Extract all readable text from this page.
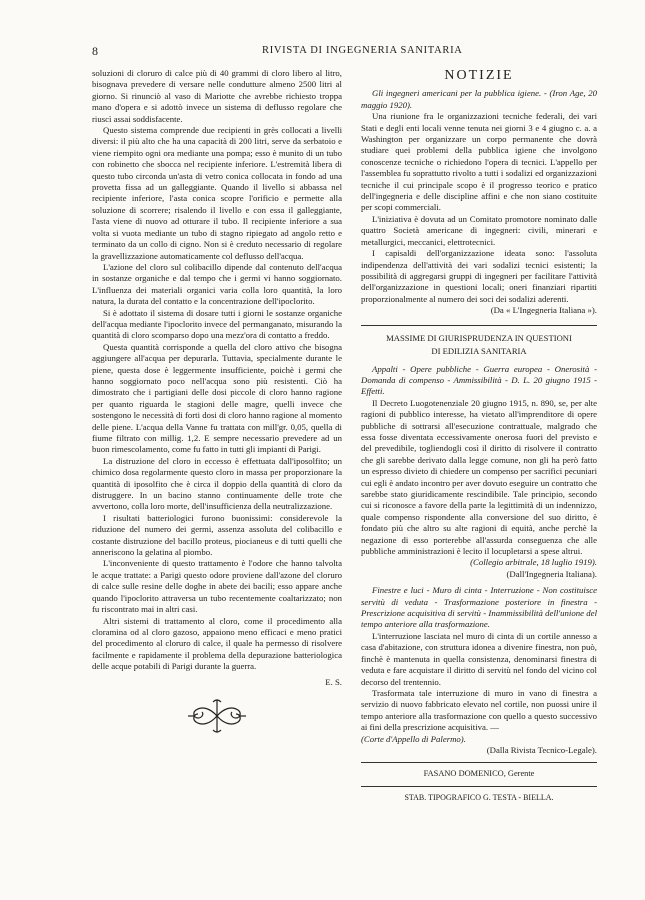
8	RIVISTA DI INGEGNERIA SANITARIA

soluzioni di cloruro di calce più di 40 grammi di cloro libero al litro, bisognava prevedere di versare nelle condutture almeno 2500 litri al giorno. Si rinunciò al vaso di Mariotte che avrebbe richiesto troppa mano d'opera e si adottò invece un sistema di deflusso regolare che riuscì assai soddisfacente.

Questo sistema comprende due recipienti in grès collocati a livelli diversi: il più alto che ha una capacità di 200 litri, serve da serbatoio e viene riempito ogni ora mediante una pompa; esso è munito di un tubo con robinetto che sbocca nel recipiente inferiore. L'estremità libera di questo tubo circonda un'asta di vetro conica collocata in fondo ad una provetta fissa ad un galleggiante. Quando il livello si abbassa nel recipiente inferiore, l'asta conica scopre l'orificio e permette alla soluzione di scorrere; risalendo il livello e con essa il galleggiante, l'asta viene di nuovo ad otturare il tubo. Il recipiente inferiore a sua volta si vuota mediante un tubo di stagno ripiegato ad angolo retto e terminato da un collo di cigno. Non si è creduto necessario di regolare la gravellizzazione automaticamente col deflusso dell'acqua.

L'azione del cloro sul colibacillo dipende dal contenuto dell'acqua in sostanze organiche e dal tempo che i germi vi hanno soggiornato. L'influenza dei materiali organici varia colla loro quantità, la loro natura, la durata del contatto e la concentrazione dell'ipoclorito.

Si è adottato il sistema di dosare tutti i giorni le sostanze organiche dell'acqua mediante l'ipoclorito invece del permanganato, misurando la quantità di cloro scomparso dopo una mezz'ora di contatto a freddo.

Questa quantità corrisponde a quella del cloro attivo che bisogna aggiungere all'acqua per depurarla. Tuttavia, specialmente durante le piene, questa dose è leggermente insufficiente, poichè i germi che hanno soggiornato poco nell'acqua sono più resistenti. Ciò ha dimostrato che i partigiani delle dosi piccole di cloro hanno ragione per quanto riguarda le stagioni delle magre, quelli invece che sostengono le necessità di forti dosi di cloro hanno ragione al momento delle piene. L'acqua della Vanne fu trattata con mill'gr. 0,05, quella di fiume filtrato con millig. 1,2. E sempre necessario prevedere ad un buon rimescolamento, come fu fatto in tutti gli impianti di Parigi.

La distruzione del cloro in eccesso è effettuata dall'iposolfito; un chimico dosa regolarmente questo cloro in massa per proporzionare la quantità di iposolfito che è circa il doppio della quantità di cloro da distruggere. In un bacino stanno continuamente delle trote che avvertono, colla loro morte, dell'insufficienza della neutralizzazione.

I risultati batteriologici furono buonissimi: considerevole la riduzione del numero dei germi, assenza assoluta del colibacillo e costante distruzione del bacillo proteus, piocianeus e di tutti quelli che anneriscono la gelatina al piombo.

L'inconveniente di questo trattamento è l'odore che hanno talvolta le acque trattate: a Parigi questo odore proviene dall'azone del cloruro di calce sulle resine delle doghe in abete dei bacili; esso appare anche quando l'ipoclorito attraversa un tubo recentemente coaltarizzato; non fu riscontrato mai in altri casi.

Altri sistemi di trattamento al cloro, come il procedimento alla cloramina od al cloro gazoso, appaiono meno efficaci e meno pratici del procedimento al cloruro di calce, il quale ha permesso di risolvere facilmente e rapidamente il problema della depurazione batteriologica delle acque potabili di Parigi durante la guerra.

E. S.
NOTIZIE

Gli ingegneri americani per la pubblica igiene. - (Iron Age, 20 maggio 1920).

Una riunione fra le organizzazioni tecniche federali, dei vari Stati e degli enti locali venne tenuta nei giorni 3 e 4 giugno c. a. a Washington per organizzare un corpo permanente che dovrà studiare quei problemi della pubblica igiene che involgono conoscenze tecniche o richiedono l'opera di tecnici. L'appello per l'assemblea fu soprattutto rivolto a tutti i sodalizi ed organizzazioni tecniche il cui principale scopo è il progresso teorico e pratico dell'ingegneria e delle discipline affini e che non siano costituite per scopi commerciali.

L'iniziativa è dovuta ad un Comitato promotore nominato dalle quattro Società americane di ingegneri: civili, minerari e metallurgici, meccanici, elettrotecnici.

I capisaldi dell'organizzazione ideata sono: l'assoluta indipendenza dell'attività dei vari sodalizi tecnici esistenti; la possibilità di aggregarsi gruppi di ingegneri per facilitare l'attività dell'organizzazione in questioni locali; oneri finanziari ripartiti proporzionalmente al numero dei soci dei sodalizi aderenti.

(Da « L'Ingegneria Italiana »).
MASSIME DI GIURISPRUDENZA IN QUESTIONI
DI EDILIZIA SANITARIA

Appalti - Opere pubbliche - Guerra europea - Onerosità - Domanda di compenso - Ammissibilità - D. L. 20 giugno 1915 - Effetti.

Il Decreto Luogotenenziale 20 giugno 1915, n. 890, se, per alte ragioni di pubblico interesse, ha vietato all'imprenditore di opere pubbliche di sottrarsi all'esecuzione contrattuale, malgrado che essa fosse diventata eccessivamente onerosa fuori del previsto e del prevedibile, togliendogli così il diritto di risolvere il contratto che gli sarebbe derivato dalla legge comune, non gli ha però fatto un espresso divieto di chiedere un compenso per sacrifici pecuniari cui egli è andato incontro per aver dovuto eseguire un contratto che sarebbe stato giuridicamente rescindibile. Tale principio, secondo cui si riconosce a favore della parte la legittimità di un indennizzo, quale compenso rispondente alla conversione del suo diritto, è fondato più che altro su alte ragioni di equità, anche perchè la negazione di esso porterebbe all'assurda conseguenza che alle pubbliche amministrazioni è lecito il locupletarsi a spese altrui.

(Collegio arbitrale, 18 luglio 1919).
(Dall'Ingegneria Italiana).

Finestre e luci - Muro di cinta - Interruzione - Non costituisce servitù di veduta - Trasformazione posteriore in finestra - Prescrizione acquisitiva di servitù - Inammissibilità dell'unione del tempo anteriore alla trasformazione.

L'interruzione lasciata nel muro di cinta di un cortile annesso a casa d'abitazione, con struttura idonea a divenire finestra, non può, finchè è mantenuta in quella consistenza, denominarsi finestra di veduta e fare acquistare il diritto di servitù nel fondo del vicino col decorso del trentennio.

Trasformata tale interruzione di muro in vano di finestra a servizio di nuovo fabbricato elevato nel cortile, non puossi unire il tempo anteriore alla trasformazione con quello a questo successivo ai fini della prescrizione acquisitiva. —

(Corte d'Appello di Palermo).
(Dalla Rivista Tecnico-Legale).
FASANO DOMENICO, Gerente
STAB. TIPOGRAFICO G. TESTA - BIELLA.
